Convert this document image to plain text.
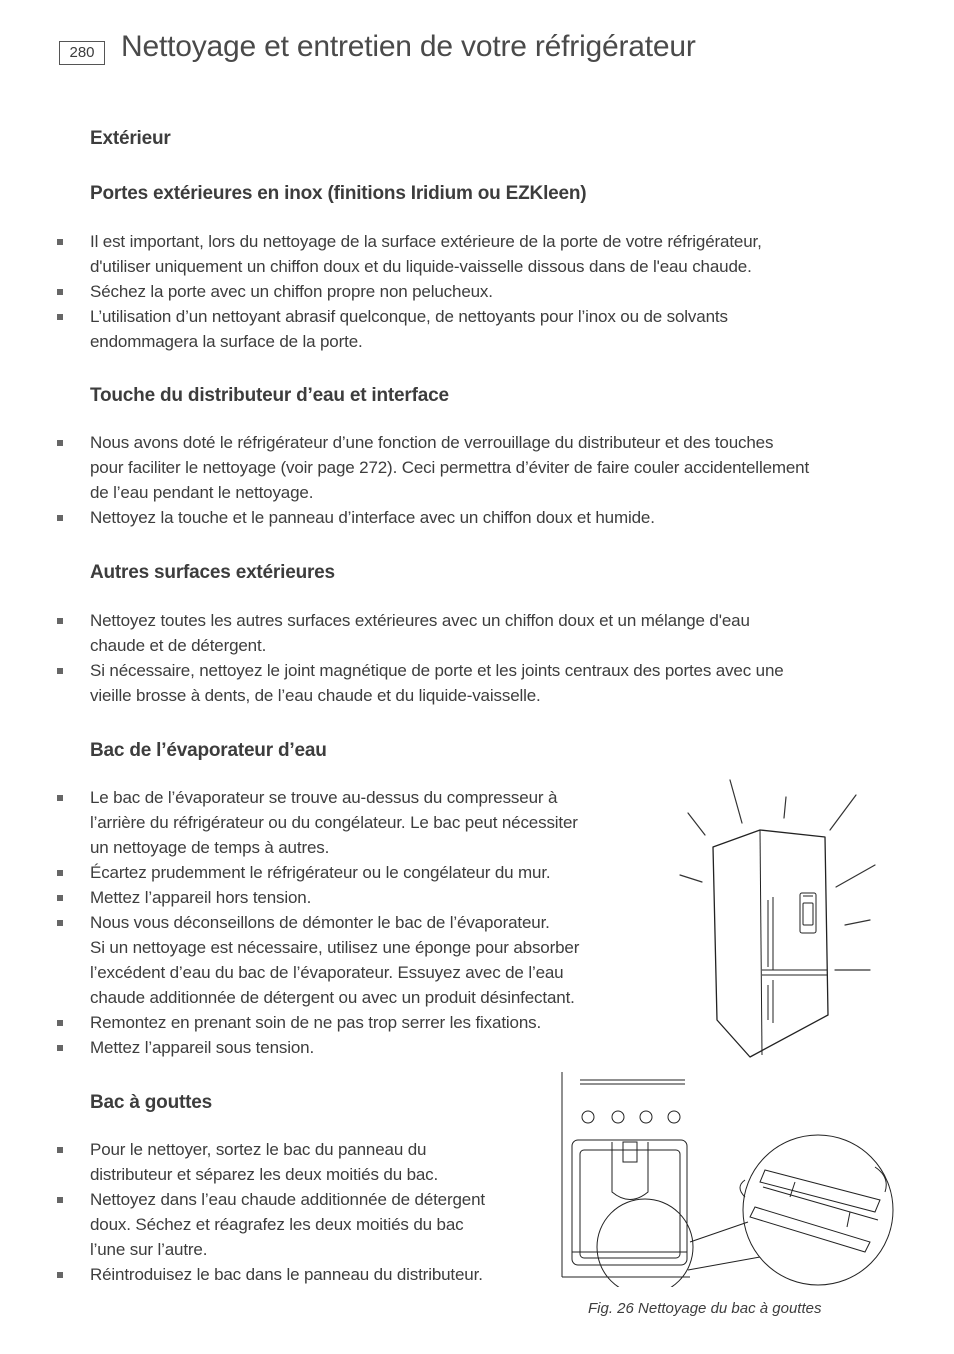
280 Nettoyage et entretien de votre réfrigérateur
Extérieur
Portes extérieures en inox (finitions Iridium ou EZKleen)
Il est important, lors du nettoyage de la surface extérieure de la porte de votre réfrigérateur,
d'utiliser uniquement un chiffon doux et du liquide-vaisselle dissous dans de l'eau chaude.
Séchez la porte avec un chiffon propre non pelucheux.
L’utilisation d’un nettoyant abrasif quelconque, de nettoyants pour l’inox ou de solvants
endommagera la surface de la porte.
Touche du distributeur d’eau et interface
Nous avons doté le réfrigérateur d’une fonction de verrouillage du distributeur et des touches
pour faciliter le nettoyage (voir page 272). Ceci permettra d’éviter de faire couler accidentellement
de l’eau pendant le nettoyage.
Nettoyez la touche et le panneau d’interface avec un chiffon doux et humide.
Autres surfaces extérieures
Nettoyez toutes les autres surfaces extérieures avec un chiffon doux et un mélange d'eau
chaude et de détergent.
Si nécessaire, nettoyez le joint magnétique de porte et les joints centraux des portes avec une
vieille brosse à dents, de l’eau chaude et du liquide-vaisselle.
Bac de l’évaporateur d’eau
Le bac de l’évaporateur se trouve au-dessus du compresseur à
l’arrière du réfrigérateur ou du congélateur. Le bac peut nécessiter
un nettoyage de temps à autres.
Écartez prudemment le réfrigérateur ou le congélateur du mur.
Mettez l’appareil hors tension.
Nous vous déconseillons de démonter le bac de l’évaporateur.
Si un nettoyage est nécessaire, utilisez une éponge pour absorber
l’excédent d’eau du bac de l’évaporateur. Essuyez avec de l’eau
chaude additionnée de détergent ou avec un produit désinfectant.
Remontez en prenant soin de ne pas trop serrer les fixations.
Mettez l’appareil sous tension.
Bac à gouttes
Pour le nettoyer, sortez le bac du panneau du
distributeur et séparez les deux moitiés du bac.
Nettoyez dans l’eau chaude additionnée de détergent
doux. Séchez et réagrafez les deux moitiés du bac
l’une sur l’autre.
Réintroduisez le bac dans le panneau du distributeur.
Fig. 26 Nettoyage du bac à gouttes
